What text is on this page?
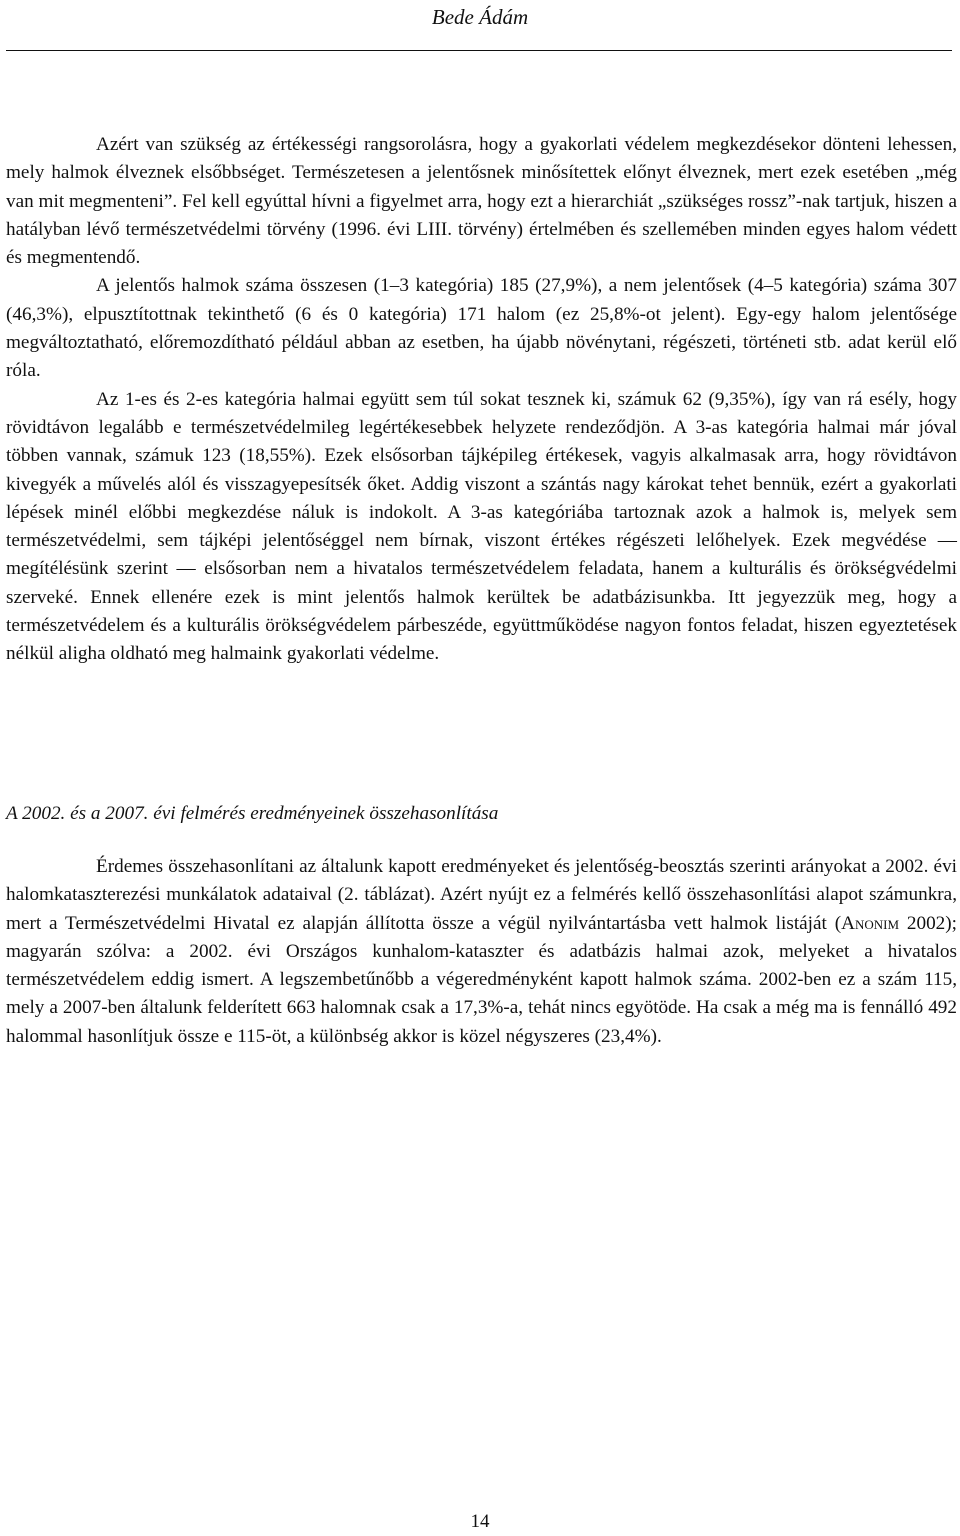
Bede Ádám

Azért van szükség az értékességi rangsorolásra, hogy a gyakorlati védelem megkezdésekor dönteni lehessen, mely halmok élveznek elsőbbséget. Természetesen a jelentősnek minősítettek előnyt élveznek, mert ezek esetében „még van mit megmenteni”. Fel kell egyúttal hívni a figyelmet arra, hogy ezt a hierarchiát „szükséges rossz”-nak tartjuk, hiszen a hatályban lévő természetvédelmi törvény (1996. évi LIII. törvény) értelmében és szellemében minden egyes halom védett és megmentendő.

A jelentős halmok száma összesen (1–3 kategória) 185 (27,9%), a nem jelentősek (4–5 kategória) száma 307 (46,3%), elpusztítottnak tekinthető (6 és 0 kategória) 171 halom (ez 25,8%-ot jelent). Egy-egy halom jelentősége megváltoztatható, előremozdítható például abban az esetben, ha újabb növénytani, régészeti, történeti stb. adat kerül elő róla.

Az 1-es és 2-es kategória halmai együtt sem túl sokat tesznek ki, számuk 62 (9,35%), így van rá esély, hogy rövidtávon legalább e természetvédelmileg legértékesebbek helyzete rendeződjön. A 3-as kategória halmai már jóval többen vannak, számuk 123 (18,55%). Ezek elsősorban tájképileg értékesek, vagyis alkalmasak arra, hogy rövidtávon kivegyék a művelés alól és visszagyepesítsék őket. Addig viszont a szántás nagy károkat tehet bennük, ezért a gyakorlati lépések minél előbbi megkezdése náluk is indokolt. A 3-as kategóriába tartoznak azok a halmok is, melyek sem természetvédelmi, sem tájképi jelentőséggel nem bírnak, viszont értékes régészeti lelőhelyek. Ezek megvédése — megítélésünk szerint — elsősorban nem a hivatalos természetvédelem feladata, hanem a kulturális és örökségvédelmi szerveké. Ennek ellenére ezek is mint jelentős halmok kerültek be adatbázisunkba. Itt jegyezzük meg, hogy a természetvédelem és a kulturális örökségvédelem párbeszéde, együttműködése nagyon fontos feladat, hiszen egyeztetések nélkül aligha oldható meg halmaink gyakorlati védelme.

A 2002. és a 2007. évi felmérés eredményeinek összehasonlítása

Érdemes összehasonlítani az általunk kapott eredményeket és jelentőség-beosztás szerinti arányokat a 2002. évi halomkataszterezési munkálatok adataival (2. táblázat). Azért nyújt ez a felmérés kellő összehasonlítási alapot számunkra, mert a Természetvédelmi Hivatal ez alapján állította össze a végül nyilvántartásba vett halmok listáját (Anonim 2002); magyarán szólva: a 2002. évi Országos kunhalom-kataszter és adatbázis halmai azok, melyeket a hivatalos természetvédelem eddig ismert. A legszembetűnőbb a végeredményként kapott halmok száma. 2002-ben ez a szám 115, mely a 2007-ben általunk felderített 663 halomnak csak a 17,3%-a, tehát nincs egyötöde. Ha csak a még ma is fennálló 492 halommal hasonlítjuk össze e 115-öt, a különbség akkor is közel négyszeres (23,4%).

14
